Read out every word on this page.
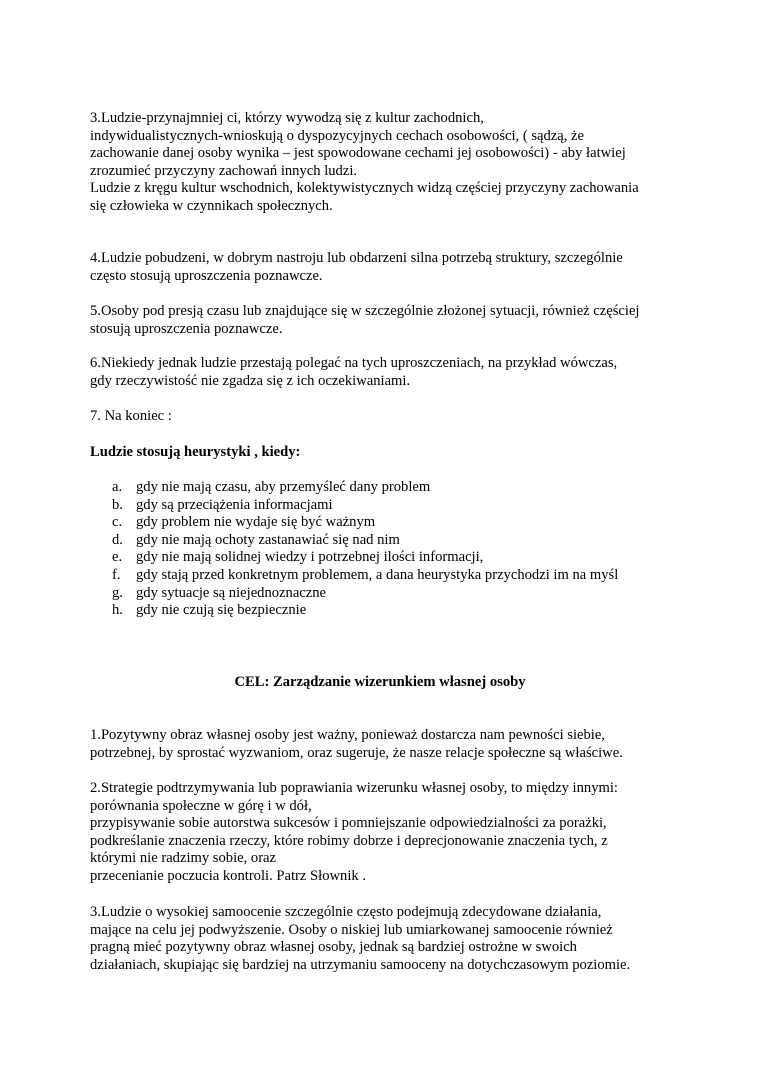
3.Ludzie-przynajmniej ci, którzy wywodzą się z kultur zachodnich,
indywidualistycznych-wnioskują o dyspozycyjnych cechach osobowości, ( sądzą, że
zachowanie danej osoby wynika – jest spowodowane cechami jej osobowości) - aby łatwiej
zrozumieć przyczyny zachowań innych ludzi.
Ludzie z kręgu kultur wschodnich, kolektywistycznych widzą częściej przyczyny zachowania
się człowieka w czynnikach społecznych.
4.Ludzie pobudzeni, w dobrym nastroju lub obdarzeni silna potrzebą struktury, szczególnie
często stosują uproszczenia poznawcze.
5.Osoby pod presją czasu lub znajdujące się w szczególnie złożonej sytuacji, również częściej
stosują uproszczenia poznawcze.
6.Niekiedy jednak ludzie przestają polegać na tych uproszczeniach, na przykład wówczas,
gdy rzeczywistość nie zgadza się z ich oczekiwaniami.
7. Na koniec :
Ludzie stosują heurystyki , kiedy:
a. gdy nie mają czasu, aby przemyśleć dany problem
b. gdy są przeciążenia informacjami
c. gdy problem nie wydaje się być ważnym
d. gdy nie mają ochoty zastanawiać się nad nim
e. gdy nie mają solidnej wiedzy i potrzebnej ilości informacji,
f. gdy stają przed konkretnym problemem, a dana heurystyka przychodzi im na myśl
g. gdy sytuacje są niejednoznaczne
h. gdy nie czują się bezpiecznie
CEL: Zarządzanie wizerunkiem własnej osoby
1.Pozytywny obraz własnej osoby jest ważny, ponieważ dostarcza nam pewności siebie,
potrzebnej, by sprostać wyzwaniom, oraz sugeruje, że nasze relacje społeczne są właściwe.
2.Strategie podtrzymywania lub poprawiania wizerunku własnej osoby, to między innymi:
porównania społeczne w górę i w dół,
przypisywanie sobie autorstwa sukcesów i pomniejszanie odpowiedzialności za porażki,
podkreślanie znaczenia rzeczy, które robimy dobrze i deprecjonowanie znaczenia tych, z
którymi nie radzimy sobie, oraz
przecenianie poczucia kontroli. Patrz Słownik .
3.Ludzie o wysokiej samoocenie szczególnie często podejmują zdecydowane działania,
mające na celu jej podwyższenie. Osoby o niskiej lub umiarkowanej samoocenie również
pragną mieć pozytywny obraz własnej osoby, jednak są bardziej ostrożne w swoich
działaniach, skupiając się bardziej na utrzymaniu samooceny na dotychczasowym poziomie.
